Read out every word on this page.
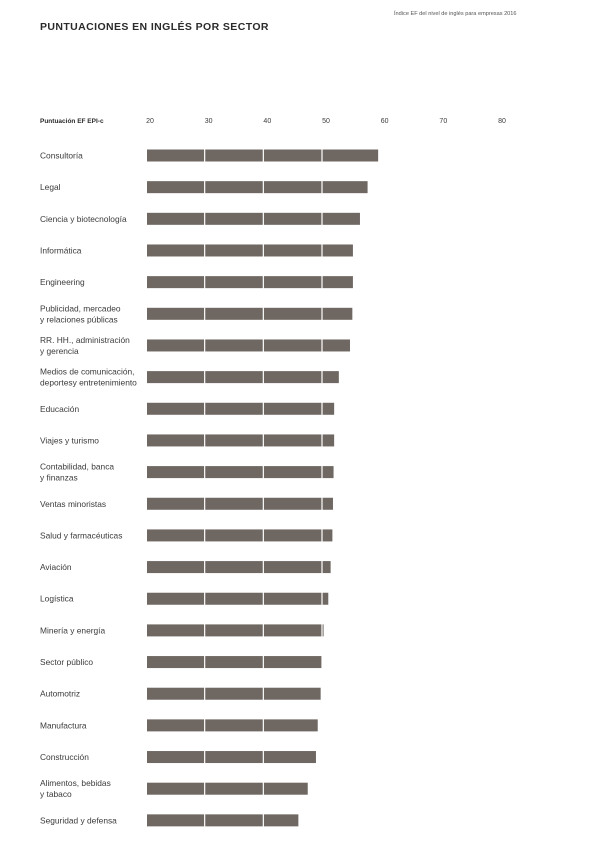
PUNTUACIONES EN INGLÉS POR SECTOR
Índice EF del nivel de inglés para empresas 2016
Puntuación EF EPI-c	20	30	40	50	60	70	80
Consultoría
Legal
Ciencia y biotecnología
Informática
Engineering
Publicidad, mercadeo y relaciones públicas
RR. HH., administración y gerencia
Medios de comunicación, deportesy entretenimiento
Educación
Viajes y turismo
Contabilidad, banca y finanzas
Ventas minoristas
Salud y farmacéuticas
Aviación
Logística
Minería y energía
Sector público
Automotriz
Manufactura
Construcción
Alimentos, bebidas y tabaco
Seguridad y defensa
